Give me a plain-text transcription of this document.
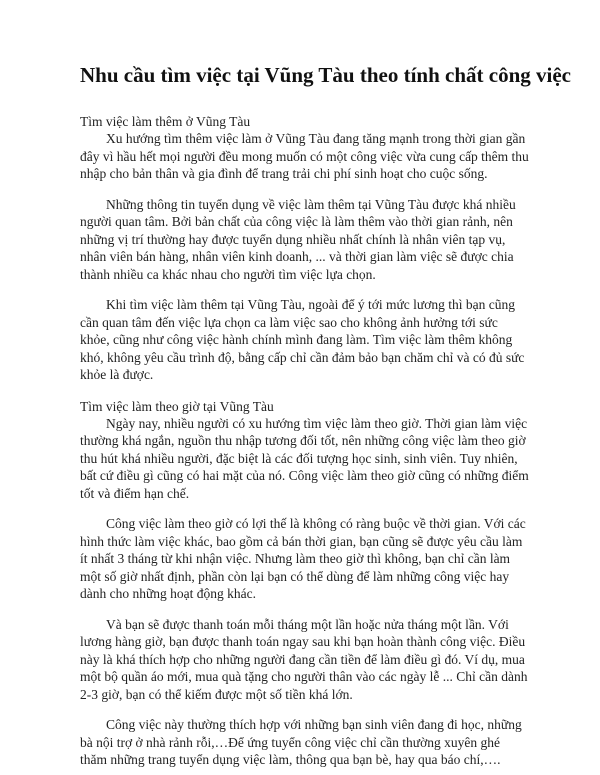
Nhu cầu tìm việc tại Vũng Tàu theo tính chất công việc

Tìm việc làm thêm ở Vũng Tàu

Xu hướng tìm thêm việc làm ở Vũng Tàu đang tăng mạnh trong thời gian gần đây vì hầu hết mọi người đều mong muốn có một công việc vừa cung cấp thêm thu nhập cho bản thân và gia đình để trang trải chi phí sinh hoạt cho cuộc sống.

Những thông tin tuyển dụng về việc làm thêm tại Vũng Tàu được khá nhiều người quan tâm. Bởi bản chất của công việc là làm thêm vào thời gian rảnh, nên những vị trí thường hay được tuyển dụng nhiều nhất chính là nhân viên tạp vụ, nhân viên bán hàng, nhân viên kinh doanh, ... và thời gian làm việc sẽ được chia thành nhiều ca khác nhau cho người tìm việc lựa chọn.

Khi tìm việc làm thêm tại Vũng Tàu, ngoài để ý tới mức lương thì bạn cũng cần quan tâm đến việc lựa chọn ca làm việc sao cho không ảnh hưởng tới sức khỏe, cũng như công việc hành chính mình đang làm. Tìm việc làm thêm không khó, không yêu cầu trình độ, bằng cấp chỉ cần đảm bảo bạn chăm chỉ và có đủ sức khỏe là được.

Tìm việc làm theo giờ tại Vũng Tàu

Ngày nay, nhiều người có xu hướng tìm việc làm theo giờ. Thời gian làm việc thường khá ngắn, nguồn thu nhập tương đối tốt, nên những công việc làm theo giờ thu hút khá nhiều người, đặc biệt là các đối tượng học sinh, sinh viên. Tuy nhiên, bất cứ điều gì cũng có hai mặt của nó. Công việc làm theo giờ cũng có những điểm tốt và điểm hạn chế.

Công việc làm theo giờ có lợi thế là không có ràng buộc về thời gian. Với các hình thức làm việc khác, bao gồm cả bán thời gian, bạn cũng sẽ được yêu cầu làm ít nhất 3 tháng từ khi nhận việc. Nhưng làm theo giờ thì không, bạn chỉ cần làm một số giờ nhất định, phần còn lại bạn có thể dùng để làm những công việc hay dành cho những hoạt động khác.

Và bạn sẽ được thanh toán mỗi tháng một lần hoặc nửa tháng một lần. Với lương hàng giờ, bạn được thanh toán ngay sau khi bạn hoàn thành công việc. Điều này là khá thích hợp cho những người đang cần tiền để làm điều gì đó. Ví dụ, mua một bộ quần áo mới, mua quà tặng cho người thân vào các ngày lễ ... Chỉ cần dành 2-3 giờ, bạn có thể kiếm được một số tiền khá lớn.

Công việc này thường thích hợp với những bạn sinh viên đang đi học, những bà nội trợ ở nhà rảnh rỗi,…Để ứng tuyển công việc chỉ cần thường xuyên ghé thăm những trang tuyển dụng việc làm, thông qua bạn bè, hay qua báo chí,….
